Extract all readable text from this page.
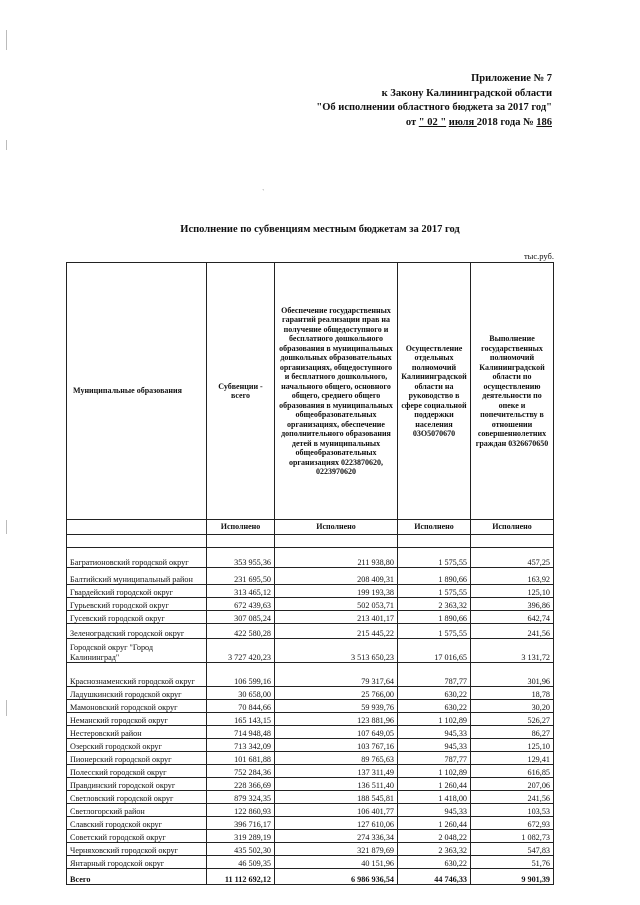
`
Приложение № 7
к Закону Калининградской области
"Об исполнении областного бюджета за 2017 год"
от " 02 " июля 2018 года № 186
Исполнение по субвенциям местным бюджетам за 2017 год
тыс.руб.
Муниципальные образования	Субвенции - всего	Обеспечение государственных гарантий реализации прав на получение общедоступного и бесплатного дошкольного образования в муниципальных дошкольных образовательных организациях, общедоступного и бесплатного дошкольного, начального общего, основного общего, среднего общего образования в муниципальных общеобразовательных организациях, обеспечение дополнительного образования детей в муниципальных общеобразовательных организациях 0223870620, 0223970620	Осуществление отдельных полномочий Калининградской области на руководство в сфере социальной поддержки населения 03О5070670	Выполнение государственных полномочий Калининградской области по осуществлению деятельности по опеке и попечительству в отношении совершеннолетних граждан 0326670650
	Исполнено	Исполнено	Исполнено	Исполнено

Багратионовский городской округ	353 955,36	211 938,80	1 575,55	457,25
Балтийский муниципальный район	231 695,50	208 409,31	1 890,66	163,92
Гвардейский городской округ	313 465,12	199 193,38	1 575,55	125,10
Гурьевский городской округ	672 439,63	502 053,71	2 363,32	396,86
Гусевский городской округ	307 085,24	213 401,17	1 890,66	642,74
Зеленоградский городской округ	422 580,28	215 445,22	1 575,55	241,56
Городской округ "Город Калининград"	3 727 420,23	3 513 650,23	17 016,65	3 131,72
Краснознаменский городской округ	106 599,16	79 317,64	787,77	301,96
Ладушкинский городской округ	30 658,00	25 766,00	630,22	18,78
Мамоновский городской округ	70 844,66	59 939,76	630,22	30,20
Неманский городской округ	165 143,15	123 881,96	1 102,89	526,27
Нестеровский район	714 948,48	107 649,05	945,33	86,27
Озерский городской округ	713 342,09	103 767,16	945,33	125,10
Пионерский городской округ	101 681,88	89 765,63	787,77	129,41
Полесский городской округ	752 284,36	137 311,49	1 102,89	616,85
Правдинский городской округ	228 366,69	136 511,40	1 260,44	207,06
Светловский городской округ	879 324,35	188 545,81	1 418,00	241,56
Светлогорский район	122 860,93	106 401,77	945,33	103,53
Славский городской округ	396 716,17	127 610,06	1 260,44	672,93
Советский городской округ	319 289,19	274 336,34	2 048,22	1 082,73
Черняховский городской округ	435 502,30	321 879,69	2 363,32	547,83
Янтарный городской округ	46 509,35	40 151,96	630,22	51,76
Всего	11 112 692,12	6 986 936,54	44 746,33	9 901,39
